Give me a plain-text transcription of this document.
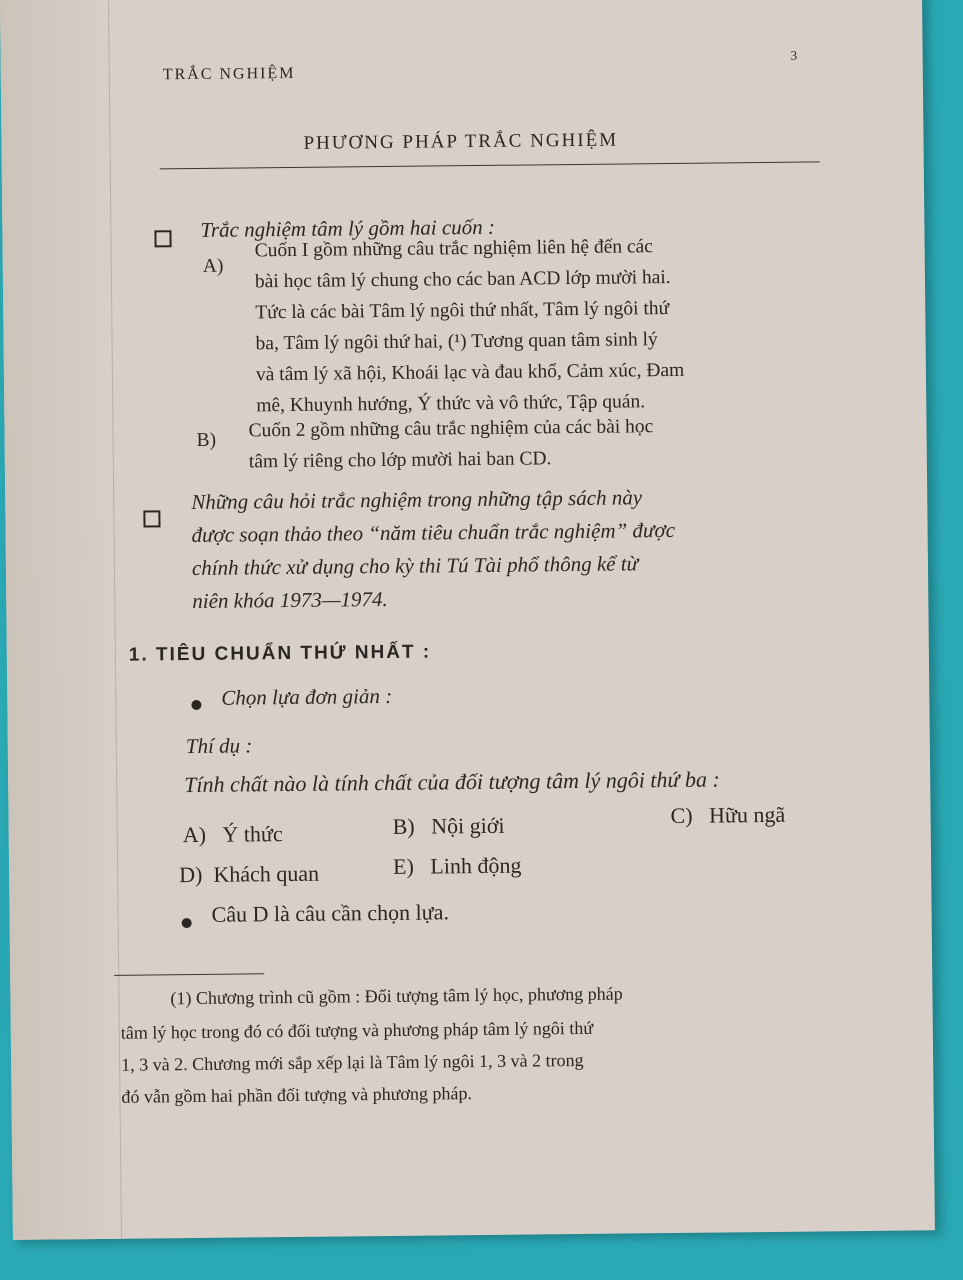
TRẮC NGHIỆM
3
PHƯƠNG PHÁP TRẮC NGHIỆM
Trắc nghiệm tâm lý gồm hai cuốn :
A)
Cuốn I gồm những câu trắc nghiệm liên hệ đến các
bài học tâm lý chung cho các ban ACD lớp mười hai.
Tức là các bài Tâm lý ngôi thứ nhất, Tâm lý ngôi thứ
ba, Tâm lý ngôi thứ hai, (¹) Tương quan tâm sinh lý
và tâm lý xã hội, Khoái lạc và đau khổ, Cảm xúc, Đam
mê, Khuynh hướng, Ý thức và vô thức, Tập quán.
B) Cuốn 2 gồm những câu trắc nghiệm của các bài học
tâm lý riêng cho lớp mười hai ban CD.
Những câu hỏi trắc nghiệm trong những tập sách này
được soạn thảo theo “năm tiêu chuẩn trắc nghiệm” được
chính thức xử dụng cho kỳ thi Tú Tài phổ thông kể từ
niên khóa 1973—1974.
1. TIÊU CHUẨN THỨ NHẤT :
Chọn lựa đơn giản :
Thí dụ :
Tính chất nào là tính chất của đối tượng tâm lý ngôi thứ ba :
A) Ý thức	B) Nội giới	C) Hữu ngã
D) Khách quan	E) Linh động
Câu D là câu cần chọn lựa.
(1) Chương trình cũ gồm : Đối tượng tâm lý học, phương pháp
tâm lý học trong đó có đối tượng và phương pháp tâm lý ngôi thứ
1, 3 và 2. Chương mới sắp xếp lại là Tâm lý ngôi 1, 3 và 2 trong
đó vẫn gồm hai phần đối tượng và phương pháp.
